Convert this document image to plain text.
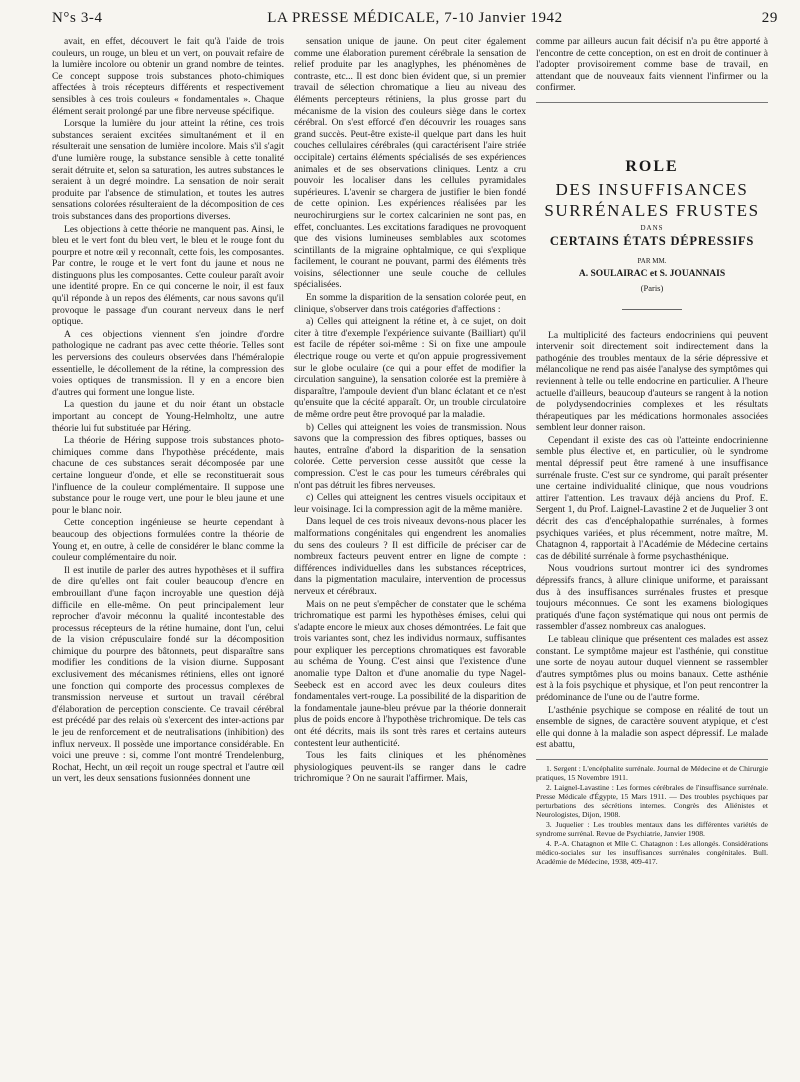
N°s 3-4	LA PRESSE MÉDICALE, 7-10 Janvier 1942	29

avait, en effet, découvert le fait qu'à l'aide de trois couleurs, un rouge, un bleu et un vert, on pouvait refaire de la lumière incolore ou obtenir un grand nombre de teintes. Ce concept suppose trois substances photo-chimiques affectées à trois récepteurs différents et respectivement sensibles à ces trois couleurs « fondamentales ». Chaque élément serait prolongé par une fibre nerveuse spécifique.

Lorsque la lumière du jour atteint la rétine, ces trois substances seraient excitées simultanément et il en résulterait une sensation de lumière incolore. Mais s'il s'agit d'une lumière rouge, la substance sensible à cette tonalité serait détruite et, selon sa saturation, les autres substances le seraient à un degré moindre. La sensation de noir serait produite par l'absence de stimulation, et toutes les autres sensations colorées résulteraient de la décomposition de ces trois substances dans des proportions diverses.

Les objections à cette théorie ne manquent pas. Ainsi, le bleu et le vert font du bleu vert, le bleu et le rouge font du pourpre et notre œil y reconnaît, cette fois, les composantes. Par contre, le rouge et le vert font du jaune et nous ne distinguons plus les composantes. Cette couleur paraît avoir une identité propre. En ce qui concerne le noir, il est faux qu'il réponde à un repos des éléments, car nous savons qu'il provoque le passage d'un courant nerveux dans le nerf optique.

A ces objections viennent s'en joindre d'ordre pathologique ne cadrant pas avec cette théorie. Telles sont les perversions des couleurs observées dans l'héméralopie essentielle, le décollement de la rétine, la compression des voies optiques de transmission. Il y en a encore bien d'autres qui forment une longue liste.

La question du jaune et du noir étant un obstacle important au concept de Young-Helmholtz, une autre théorie lui fut substituée par Héring.

La théorie de Héring suppose trois substances photo-chimiques comme dans l'hypothèse précédente, mais chacune de ces substances serait décomposée par une certaine longueur d'onde, et elle se reconstituerait sous l'influence de la couleur complémentaire. Il suppose une substance pour le rouge vert, une pour le bleu jaune et une pour le blanc noir.

Cette conception ingénieuse se heurte cependant à beaucoup des objections formulées contre la théorie de Young et, en outre, à celle de considérer le blanc comme la couleur complémentaire du noir.

Il est inutile de parler des autres hypothèses et il suffira de dire qu'elles ont fait couler beaucoup d'encre en embrouillant d'une façon incroyable une question déjà difficile en elle-même. On peut principalement leur reprocher d'avoir méconnu la qualité incontestable des processus récepteurs de la rétine humaine, dont l'un, celui de la vision crépusculaire fondé sur la décomposition chimique du pourpre des bâtonnets, peut disparaître sans modifier les conditions de la vision diurne. Supposant exclusivement des mécanismes rétiniens, elles ont ignoré une fonction qui comporte des processus complexes de transmission nerveuse et surtout un travail cérébral d'élaboration de perception consciente. Ce travail cérébral est précédé par des relais où s'exercent des inter-actions par le jeu de renforcement et de neutralisations (inhibition) des influx nerveux. Il possède une importance considérable. En voici une preuve : si, comme l'ont montré Trendelenburg, Rochat, Hecht, un œil reçoit un rouge spectral et l'autre œil un vert, les deux sensations fusionnées donnent une

sensation unique de jaune. On peut citer également comme une élaboration purement cérébrale la sensation de relief produite par les anaglyphes, les phénomènes de contraste, etc... Il est donc bien évident que, si un premier travail de sélection chromatique a lieu au niveau des éléments percepteurs rétiniens, la plus grosse part du mécanisme de la vision des couleurs siège dans le cortex cérébral. On s'est efforcé d'en découvrir les rouages sans grand succès. Peut-être existe-il quelque part dans les huit couches cellulaires cérébrales (qui caractérisent l'aire striée occipitale) certains éléments spécialisés de ses expériences animales et de ses observations cliniques. Lentz a cru pouvoir les localiser dans les cellules pyramidales supérieures. L'avenir se chargera de justifier le bien fondé de cette opinion. Les expériences réalisées par les neurochirurgiens sur le cortex calcarinien ne sont pas, en effet, concluantes. Les excitations faradiques ne provoquent que des visions lumineuses semblables aux scotomes scintillants de la migraine ophtalmique, ce qui s'explique facilement, le courant ne pouvant, parmi des éléments très voisins, sélectionner une seule couche de cellules spécialisées.

En somme la disparition de la sensation colorée peut, en clinique, s'observer dans trois catégories d'affections :

a) Celles qui atteignent la rétine et, à ce sujet, on doit citer à titre d'exemple l'expérience suivante (Bailliart) qu'il est facile de répéter soi-même : Si on fixe une ampoule électrique rouge ou verte et qu'on appuie progressivement sur le globe oculaire (ce qui a pour effet de modifier la circulation sanguine), la sensation colorée est la première à disparaître, l'ampoule devient d'un blanc éclatant et ce n'est qu'ensuite que la cécité apparaît. Or, un trouble circulatoire de même ordre peut être provoqué par la maladie.

b) Celles qui atteignent les voies de transmission. Nous savons que la compression des fibres optiques, basses ou hautes, entraîne d'abord la disparition de la sensation colorée. Cette perversion cesse aussitôt que cesse la compression. C'est le cas pour les tumeurs cérébrales qui n'ont pas détruit les fibres nerveuses.

c) Celles qui atteignent les centres visuels occipitaux et leur voisinage. Ici la compression agit de la même manière.

Dans lequel de ces trois niveaux devons-nous placer les malformations congénitales qui engendrent les anomalies du sens des couleurs ? Il est difficile de préciser car de nombreux facteurs peuvent entrer en ligne de compte : différences individuelles dans les substances réceptrices, dans la pigmentation maculaire, intervention de processus nerveux et cérébraux.

Mais on ne peut s'empêcher de constater que le schéma trichromatique est parmi les hypothèses émises, celui qui s'adapte encore le mieux aux choses démontrées. Le fait que trois variantes sont, chez les individus normaux, suffisantes pour expliquer les perceptions chromatiques est favorable au schéma de Young. C'est ainsi que l'existence d'une anomalie type Dalton et d'une anomalie du type Nagel-Seebeck est en accord avec les deux couleurs dites fondamentales vert-rouge. La possibilité de la disparition de la fondamentale jaune-bleu prévue par la théorie donnerait plus de poids encore à l'hypothèse trichromique. De tels cas ont été décrits, mais ils sont très rares et certains auteurs contestent leur authenticité.

Tous les faits cliniques et les phénomènes physiologiques peuvent-ils se ranger dans le cadre trichromique ? On ne saurait l'affirmer. Mais,

comme par ailleurs aucun fait décisif n'a pu être apporté à l'encontre de cette conception, on est en droit de continuer à l'adopter provisoirement comme base de travail, en attendant que de nouveaux faits viennent l'infirmer ou la confirmer.

ROLE
DES INSUFFISANCES
SURRÉNALES FRUSTES
DANS
CERTAINS ÉTATS DÉPRESSIFS
PAR MM.
A. SOULAIRAC et S. JOUANNAIS
(Paris)

La multiplicité des facteurs endocriniens qui peuvent intervenir soit directement soit indirectement dans la pathogénie des troubles mentaux de la série dépressive et mélancolique ne rend pas aisée l'analyse des symptômes qui reviennent à telle ou telle endocrine en particulier. A l'heure actuelle d'ailleurs, beaucoup d'auteurs se rangent à la notion de polydysendocrinies complexes et les résultats thérapeutiques par les médications hormonales associées semblent leur donner raison.

Cependant il existe des cas où l'atteinte endocrinienne semble plus élective et, en particulier, où le syndrome mental dépressif peut être ramené à une insuffisance surrénale fruste. C'est sur ce syndrome, qui paraît présenter une certaine individualité clinique, que nous voudrions attirer l'attention. Les travaux déjà anciens du Prof. E. Sergent 1, du Prof. Laignel-Lavastine 2 et de Juquelier 3 ont décrit des cas d'encéphalopathie surrénales, à formes psychiques variées, et plus récemment, notre maître, M. Chatagnon 4, rapportait à l'Académie de Médecine certains cas de débilité surrénale à forme psychasthénique.

Nous voudrions surtout montrer ici des syndromes dépressifs francs, à allure clinique uniforme, et paraissant dus à des insuffisances surrénales frustes et presque toujours méconnues. Ce sont les examens biologiques pratiqués d'une façon systématique qui nous ont permis de rassembler d'assez nombreux cas analogues.

Le tableau clinique que présentent ces malades est assez constant. Le symptôme majeur est l'asthénie, qui constitue une sorte de noyau autour duquel viennent se rassembler d'autres symptômes plus ou moins banaux. Cette asthénie est à la fois psychique et physique, et l'on peut rencontrer la prédominance de l'une ou de l'autre forme.

L'asthénie psychique se compose en réalité de tout un ensemble de signes, de caractère souvent atypique, et c'est elle qui donne à la maladie son aspect dépressif. Le malade est abattu,

1. Sergent : L'encéphalite surrénale. Journal de Médecine et de Chirurgie pratiques, 15 Novembre 1911.
2. Laignel-Lavastine : Les formes cérébrales de l'insuffisance surrénale. Presse Médicale d'Égypte, 15 Mars 1911. — Des troubles psychiques par perturbations des sécrétions internes. Congrès des Aliénistes et Neurologistes, Dijon, 1908.
3. Juquelier : Les troubles mentaux dans les différentes variétés de syndrome surrénal. Revue de Psychiatrie, Janvier 1908.
4. P.-A. Chatagnon et Mlle C. Chatagnon : Les allongés. Considérations médico-sociales sur les insuffisances surrénales congénitales. Bull. Académie de Médecine, 1938, 409-417.
